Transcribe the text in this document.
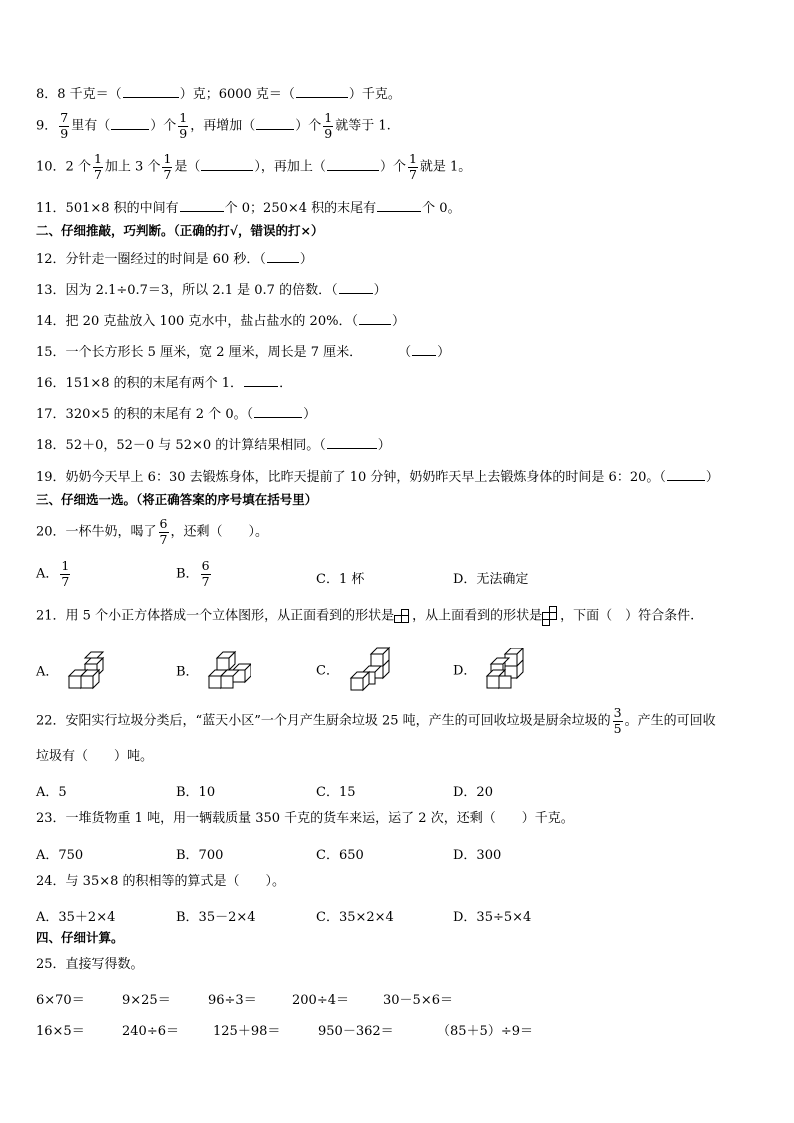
8．8 千克＝（	）克；6000 克＝（	）千克。
9． $\frac{7}{9}$ 里有（	）个 $\frac{1}{9}$ ，再增加（	）个 $\frac{1}{9}$ 就等于 1.
10．2 个 $\frac{1}{7}$ 加上 3 个 $\frac{1}{7}$ 是（	），再加上（	）个 $\frac{1}{7}$ 就是 1。
11．501×8 积的中间有	个 0；250×4 积的末尾有	个 0。
二、仔细推敲，巧判断。（正确的打√，错误的打×）
12．分针走一圈经过的时间是 60 秒．（	）
13．因为 2.1÷0.7＝3，所以 2.1 是 0.7 的倍数．（	）
14．把 20 克盐放入 100 克水中，盐占盐水的 20%．（	）
15．一个长方形长 5 厘米，宽 2 厘米，周长是 7 厘米．	（ ）
16．151×8 的积的末尾有两个 1．	．
17．320×5 的积的末尾有 2 个 0。（	）
18．52＋0，52－0 与 52×0 的计算结果相同。（	）
19．奶奶今天早上 6：30 去锻炼身体，比昨天提前了 10 分钟，奶奶昨天早上去锻炼身体的时间是 6：20。（	）
三、仔细选一选。（将正确答案的序号填在括号里）
20．一杯牛奶，喝了 $\frac{6}{7}$ ，还剩（　　）。
A． $\frac{1}{7}$	B． $\frac{6}{7}$	C．1 杯	D．无法确定
21．用 5 个小正方体搭成一个立体图形，从正面看到的形状是 ，从上面看到的形状是 ，下面（　）符合条件.
A．	B．	C．	D．
22．安阳实行垃圾分类后，“蓝天小区”一个月产生厨余垃圾 25 吨，产生的可回收垃圾是厨余垃圾的 $\frac{3}{5}$ 。产生的可回收
垃圾有（　　）吨。
A．5	B．10	C．15	D．20
23．一堆货物重 1 吨，用一辆载质量 350 千克的货车来运，运了 2 次，还剩（　　）千克。
A．750	B．700	C．650	D．300
24．与 35×8 的积相等的算式是（　　）。
A．35＋2×4	B．35－2×4	C．35×2×4	D．35÷5×4
四、仔细计算。
25．直接写得数。
6×70＝	9×25＝	96÷3＝	200÷4＝	30－5×6＝
16×5＝	240÷6＝	125＋98＝	950－362＝	（85＋5）÷9＝
